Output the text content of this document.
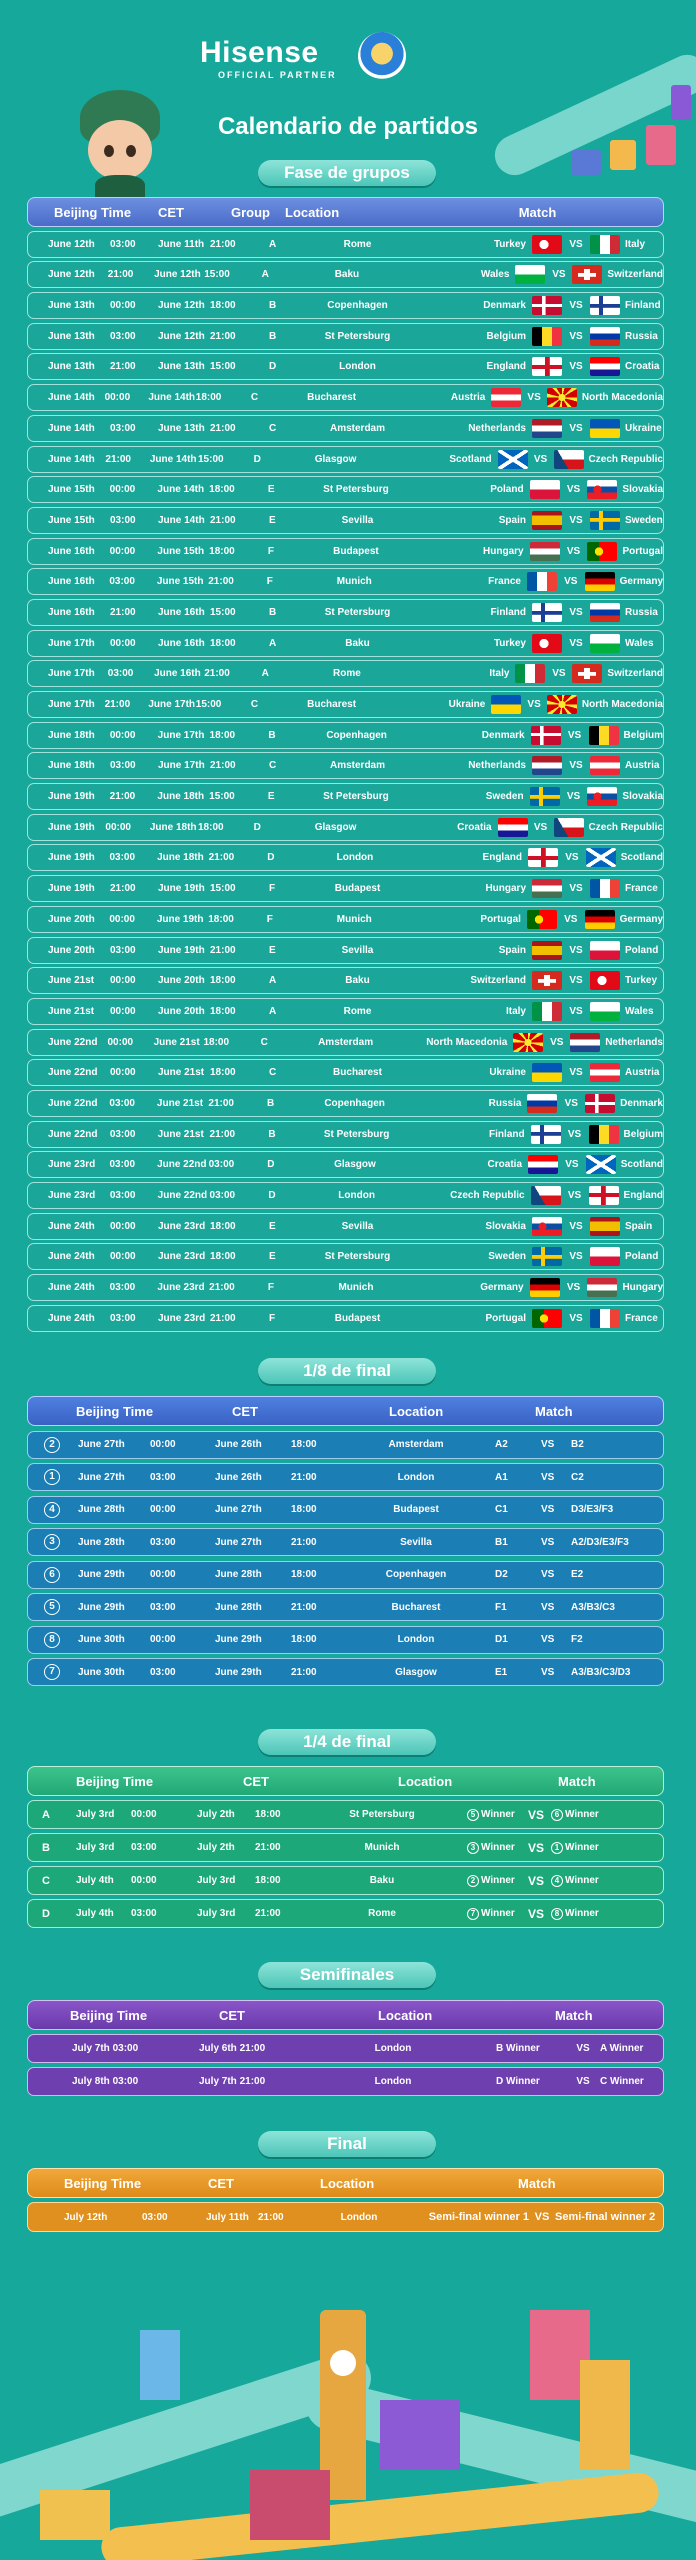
Hisense
OFFICIAL PARTNER
Calendario de partidos
Fase de grupos
Beijing Time	CET	Group	Location	Match
June 12th	03:00	June 11th 21:00	A	Rome	Turkey	VS	Italy
June 12th	21:00	June 12th 15:00	A	Baku	Wales	VS	Switzerland
June 13th	00:00	June 12th 18:00	B	Copenhagen	Denmark	VS	Finland
June 13th	03:00	June 12th 21:00	B	St Petersburg	Belgium	VS	Russia
June 13th	21:00	June 13th 15:00	D	London	England	VS	Croatia
June 14th 00:00	June 14th 18:00	C	Bucharest	Austria	VS	North Macedonia
June 14th	03:00	June 13th 21:00	C	Amsterdam	Netherlands	VS	Ukraine
June 14th	21:00	June 14th 15:00	D	Glasgow	Scotland	VS	Czech Republic
June 15th	00:00	June 14th 18:00	E	St Petersburg	Poland	VS	Slovakia
June 15th	03:00	June 14th 21:00	E	Sevilla	Spain	VS	Sweden
June 16th	00:00	June 15th 18:00	F	Budapest	Hungary	VS	Portugal
June 16th	03:00	June 15th 21:00	F	Munich	France	VS	Germany
June 16th	21:00	June 16th 15:00	B	St Petersburg	Finland	VS	Russia
June 17th	00:00	June 16th 18:00	A	Baku	Turkey	VS	Wales
June 17th	03:00	June 16th 21:00	A	Rome	Italy	VS	Switzerland
June 17th 21:00	June 17th 15:00	C	Bucharest	Ukraine	VS	North Macedonia
June 18th	00:00	June 17th 18:00	B	Copenhagen	Denmark	VS	Belgium
June 18th	03:00	June 17th 21:00	C	Amsterdam	Netherlands	VS	Austria
June 19th	21:00	June 18th 15:00	E	St Petersburg	Sweden	VS	Slovakia
June 19th	00:00	June 18th 18:00	D	Glasgow	Croatia	VS	Czech Republic
June 19th	03:00	June 18th 21:00	D	London	England	VS	Scotland
June 19th	21:00	June 19th 15:00	F	Budapest	Hungary	VS	France
June 20th	00:00	June 19th 18:00	F	Munich	Portugal	VS	Germany
June 20th	03:00	June 19th 21:00	E	Sevilla	Spain	VS	Poland
June 21st	00:00	June 20th 18:00	A	Baku	Switzerland	VS	Turkey
June 21st	00:00	June 20th 18:00	A	Rome	Italy	VS	Wales
June 22nd	00:00	June 21st 18:00	C	Amsterdam	North Macedonia	VS	Netherlands
June 22nd	00:00	June 21st 18:00	C	Bucharest	Ukraine	VS	Austria
June 22nd	03:00	June 21st 21:00	B	Copenhagen	Russia	VS	Denmark
June 22nd	03:00	June 21st 21:00	B	St Petersburg	Finland	VS	Belgium
June 23rd	03:00	June 22nd 03:00	D	Glasgow	Croatia	VS	Scotland
June 23rd	03:00	June 22nd 03:00	D	London	Czech Republic	VS	England
June 24th	00:00	June 23rd 18:00	E	Sevilla	Slovakia	VS	Spain
June 24th	00:00	June 23rd 18:00	E	St Petersburg	Sweden	VS	Poland
June 24th	03:00	June 23rd 21:00	F	Munich	Germany	VS	Hungary
June 24th	03:00	June 23rd 21:00	F	Budapest	Portugal	VS	France
1/8 de final
Beijing Time	CET	Location	Match
2	June 27th	00:00	June 26th	18:00	Amsterdam	A2	VS	B2
1	June 27th	03:00	June 26th	21:00	London	A1	VS	C2
4	June 28th	00:00	June 27th	18:00	Budapest	C1	VS	D3/E3/F3
3	June 28th	03:00	June 27th	21:00	Sevilla	B1	VS	A2/D3/E3/F3
6	June 29th	00:00	June 28th	18:00	Copenhagen	D2	VS	E2
5	June 29th	03:00	June 28th	21:00	Bucharest	F1	VS	A3/B3/C3
8	June 30th	00:00	June 29th	18:00	London	D1	VS	F2
7	June 30th	03:00	June 29th	21:00	Glasgow	E1	VS	A3/B3/C3/D3
1/4 de final
Beijing Time	CET	Location	Match
A	July 3rd	00:00	July 2th	18:00	St Petersburg	5 Winner	VS	6 Winner
B	July 3rd	03:00	July 2th	21:00	Munich	3 Winner	VS	1 Winner
C	July 4th	00:00	July 3rd	18:00	Baku	2 Winner	VS	4 Winner
D	July 4th	03:00	July 3rd	21:00	Rome	7 Winner	VS	8 Winner
Semifinales
Beijing Time	CET	Location	Match
July 7th 03:00	July 6th 21:00	London	B Winner	VS	A Winner
July 8th 03:00	July 7th 21:00	London	D Winner	VS	C Winner
Final
Beijing Time	CET	Location	Match
July 12th	03:00	July 11th 21:00	London	Semi-final winner 1 VS Semi-final winner 2
